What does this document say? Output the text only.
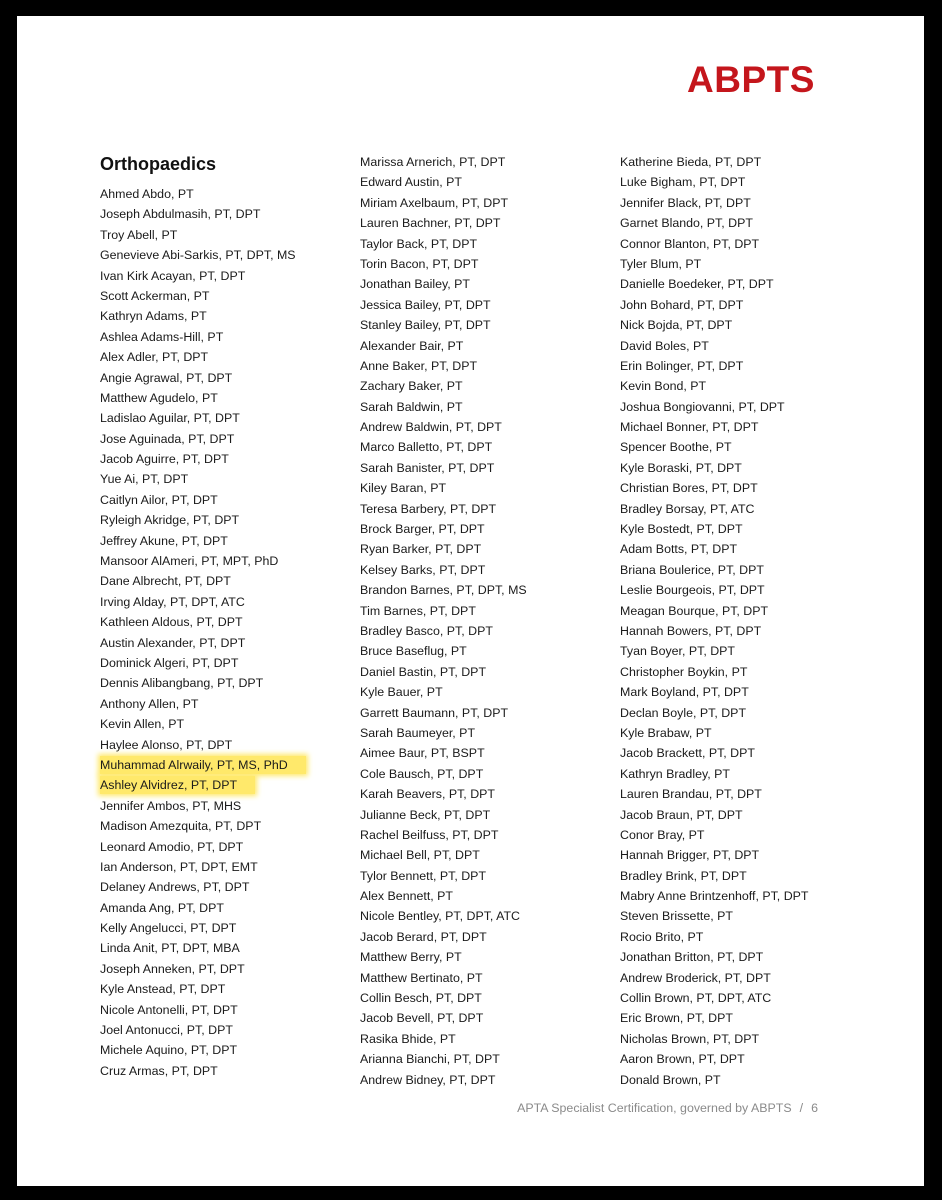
ABPTS
Orthopaedics
Ahmed Abdo, PT
Joseph Abdulmasih, PT, DPT
Troy Abell, PT
Genevieve Abi-Sarkis, PT, DPT, MS
Ivan Kirk Acayan, PT, DPT
Scott Ackerman, PT
Kathryn Adams, PT
Ashlea Adams-Hill, PT
Alex Adler, PT, DPT
Angie Agrawal, PT, DPT
Matthew Agudelo, PT
Ladislao Aguilar, PT, DPT
Jose Aguinada, PT, DPT
Jacob Aguirre, PT, DPT
Yue Ai, PT, DPT
Caitlyn Ailor, PT, DPT
Ryleigh Akridge, PT, DPT
Jeffrey Akune, PT, DPT
Mansoor AlAmeri, PT, MPT, PhD
Dane Albrecht, PT, DPT
Irving Alday, PT, DPT, ATC
Kathleen Aldous, PT, DPT
Austin Alexander, PT, DPT
Dominick Algeri, PT, DPT
Dennis Alibangbang, PT, DPT
Anthony Allen, PT
Kevin Allen, PT
Haylee Alonso, PT, DPT
Muhammad Alrwaily, PT, MS, PhD
Ashley Alvidrez, PT, DPT
Jennifer Ambos, PT, MHS
Madison Amezquita, PT, DPT
Leonard Amodio, PT, DPT
Ian Anderson, PT, DPT, EMT
Delaney Andrews, PT, DPT
Amanda Ang, PT, DPT
Kelly Angelucci, PT, DPT
Linda Anit, PT, DPT, MBA
Joseph Anneken, PT, DPT
Kyle Anstead, PT, DPT
Nicole Antonelli, PT, DPT
Joel Antonucci, PT, DPT
Michele Aquino, PT, DPT
Cruz Armas, PT, DPT
Marissa Arnerich, PT, DPT
Edward Austin, PT
Miriam Axelbaum, PT, DPT
Lauren Bachner, PT, DPT
Taylor Back, PT, DPT
Torin Bacon, PT, DPT
Jonathan Bailey, PT
Jessica Bailey, PT, DPT
Stanley Bailey, PT, DPT
Alexander Bair, PT
Anne Baker, PT, DPT
Zachary Baker, PT
Sarah Baldwin, PT
Andrew Baldwin, PT, DPT
Marco Balletto, PT, DPT
Sarah Banister, PT, DPT
Kiley Baran, PT
Teresa Barbery, PT, DPT
Brock Barger, PT, DPT
Ryan Barker, PT, DPT
Kelsey Barks, PT, DPT
Brandon Barnes, PT, DPT, MS
Tim Barnes, PT, DPT
Bradley Basco, PT, DPT
Bruce Baseflug, PT
Daniel Bastin, PT, DPT
Kyle Bauer, PT
Garrett Baumann, PT, DPT
Sarah Baumeyer, PT
Aimee Baur, PT, BSPT
Cole Bausch, PT, DPT
Karah Beavers, PT, DPT
Julianne Beck, PT, DPT
Rachel Beilfuss, PT, DPT
Michael Bell, PT, DPT
Tylor Bennett, PT, DPT
Alex Bennett, PT
Nicole Bentley, PT, DPT, ATC
Jacob Berard, PT, DPT
Matthew Berry, PT
Matthew Bertinato, PT
Collin Besch, PT, DPT
Jacob Bevell, PT, DPT
Rasika Bhide, PT
Arianna Bianchi, PT, DPT
Andrew Bidney, PT, DPT
Katherine Bieda, PT, DPT
Luke Bigham, PT, DPT
Jennifer Black, PT, DPT
Garnet Blando, PT, DPT
Connor Blanton, PT, DPT
Tyler Blum, PT
Danielle Boedeker, PT, DPT
John Bohard, PT, DPT
Nick Bojda, PT, DPT
David Boles, PT
Erin Bolinger, PT, DPT
Kevin Bond, PT
Joshua Bongiovanni, PT, DPT
Michael Bonner, PT, DPT
Spencer Boothe, PT
Kyle Boraski, PT, DPT
Christian Bores, PT, DPT
Bradley Borsay, PT, ATC
Kyle Bostedt, PT, DPT
Adam Botts, PT, DPT
Briana Boulerice, PT, DPT
Leslie Bourgeois, PT, DPT
Meagan Bourque, PT, DPT
Hannah Bowers, PT, DPT
Tyan Boyer, PT, DPT
Christopher Boykin, PT
Mark Boyland, PT, DPT
Declan Boyle, PT, DPT
Kyle Brabaw, PT
Jacob Brackett, PT, DPT
Kathryn Bradley, PT
Lauren Brandau, PT, DPT
Jacob Braun, PT, DPT
Conor Bray, PT
Hannah Brigger, PT, DPT
Bradley Brink, PT, DPT
Mabry Anne Brintzenhoff, PT, DPT
Steven Brissette, PT
Rocio Brito, PT
Jonathan Britton, PT, DPT
Andrew Broderick, PT, DPT
Collin Brown, PT, DPT, ATC
Eric Brown, PT, DPT
Nicholas Brown, PT, DPT
Aaron Brown, PT, DPT
Donald Brown, PT
APTA Specialist Certification, governed by ABPTS / 6
